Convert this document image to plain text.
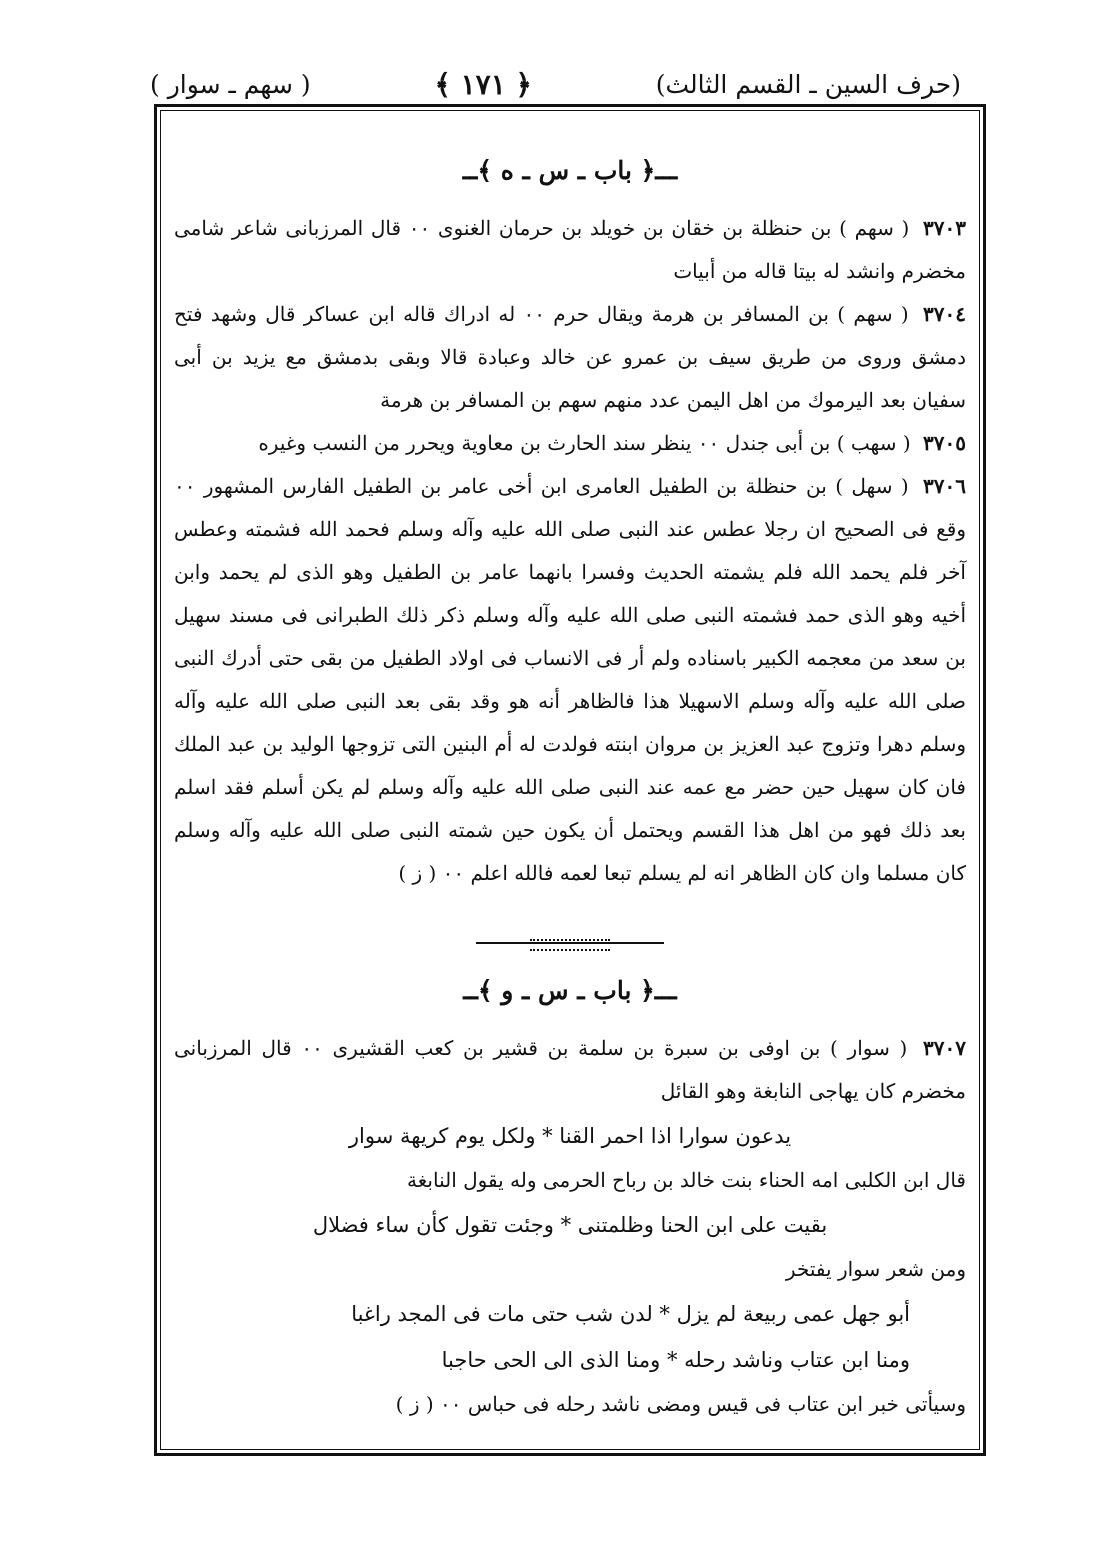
(حرف السين ـ القسم الثالث)
﴿ ١٧١ ﴾
( سهم ـ سوار )
ـــ﴿ باب ـ س ـ ه ﴾ــ

٣٧٠٣ ( سهم ) بن حنظلة بن خقان بن خويلد بن حرمان الغنوى ٠٠ قال المرزبانى شاعر شامى مخضرم وانشد له بيتا قاله من أبيات

٣٧٠٤ ( سهم ) بن المسافر بن هرمة ويقال حرم ٠٠ له ادراك قاله ابن عساكر قال وشهد فتح دمشق وروى من طريق سيف بن عمرو عن خالد وعبادة قالا وبقى بدمشق مع يزيد بن أبى سفيان بعد اليرموك من اهل اليمن عدد منهم سهم بن المسافر بن هرمة

٣٧٠٥ ( سهب ) بن أبى جندل ٠٠ ينظر سند الحارث بن معاوية ويحرر من النسب وغيره

٣٧٠٦ ( سهل ) بن حنظلة بن الطفيل العامرى ابن أخى عامر بن الطفيل الفارس المشهور ٠٠ وقع فى الصحيح ان رجلا عطس عند النبى صلى الله عليه وآله وسلم فحمد الله فشمته وعطس آخر فلم يحمد الله فلم يشمته الحديث وفسرا بانهما عامر بن الطفيل وهو الذى لم يحمد وابن أخيه وهو الذى حمد فشمته النبى صلى الله عليه وآله وسلم ذكر ذلك الطبرانى فى مسند سهيل بن سعد من معجمه الكبير باسناده ولم أر فى الانساب فى اولاد الطفيل من بقى حتى أدرك النبى صلى الله عليه وآله وسلم الاسهيلا هذا فالظاهر أنه هو وقد بقى بعد النبى صلى الله عليه وآله وسلم دهرا وتزوج عبد العزيز بن مروان ابنته فولدت له أم البنين التى تزوجها الوليد بن عبد الملك فان كان سهيل حين حضر مع عمه عند النبى صلى الله عليه وآله وسلم لم يكن أسلم فقد اسلم بعد ذلك فهو من اهل هذا القسم ويحتمل أن يكون حين شمته النبى صلى الله عليه وآله وسلم كان مسلما وان كان الظاهر انه لم يسلم تبعا لعمه فالله اعلم ٠٠ ( ز )

ـــ﴿ باب ـ س ـ و ﴾ــ

٣٧٠٧ ( سوار ) بن اوفى بن سبرة بن سلمة بن قشير بن كعب القشيرى ٠٠ قال المرزبانى مخضرم كان يهاجى النابغة وهو القائل

يدعون سوارا اذا احمر القنا * ولكل يوم كريهة سوار

قال ابن الكلبى امه الحناء بنت خالد بن رباح الحرمى وله يقول النابغة

بقيت على ابن الحنا وظلمتنى * وجئت تقول كأن ساء فضلال

ومن شعر سوار يفتخر

أبو جهل عمى ربيعة لم يزل * لدن شب حتى مات فى المجد راغبا

ومنا ابن عتاب وناشد رحله * ومنا الذى الى الحى حاجبا

وسيأتى خبر ابن عتاب فى قيس ومضى ناشد رحله فى حباس ٠٠ ( ز )
